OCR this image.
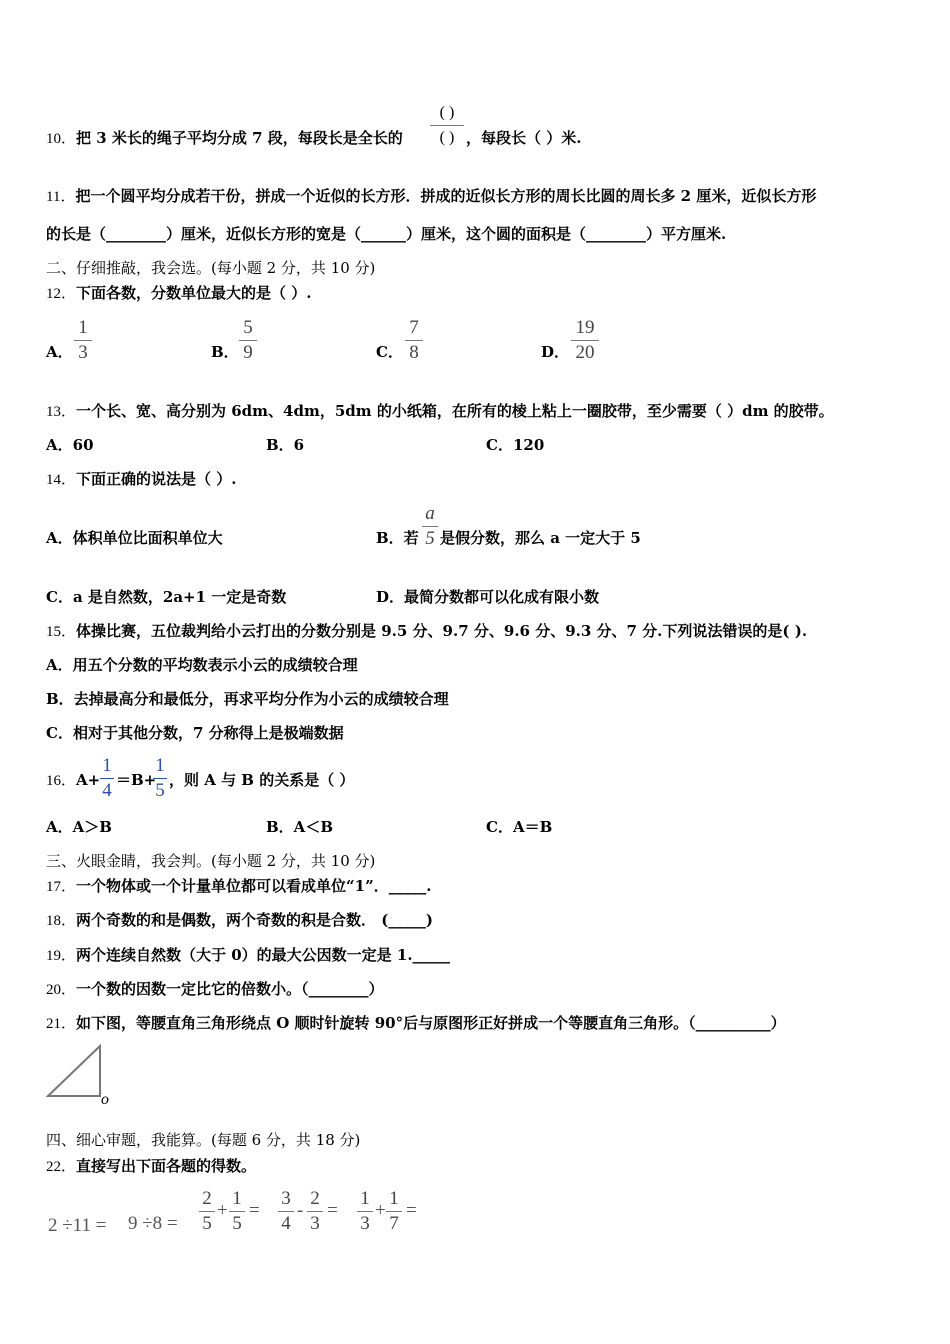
10．把 3 米长的绳子平均分成 7 段，每段长是全长的
( )
( ) ，每段长（ ）米.
11．把一个圆平均分成若干份，拼成一个近似的长方形．拼成的近似长方形的周长比圆的周长多 2 厘米，近似长方形
的长是（________）厘米，近似长方形的宽是（______）厘米，这个圆的面积是（________）平方厘米.
二、仔细推敲，我会选。(每小题 2 分，共 10 分)
12．下面各数，分数单位最大的是（ ）.
A．
1
3	B．
5
9	C．
7
8	D．
19
20
13．一个长、宽、高分别为 6dm、4dm，5dm 的小纸箱，在所有的棱上粘上一圈胶带，至少需要（ ）dm 的胶带。
A．60	B．6	C．120
14．下面正确的说法是（ ）.
A．体积单位比面积单位大	B．若
a
5 是假分数，那么 a 一定大于 5
C．a 是自然数，2a+1 一定是奇数	D．最简分数都可以化成有限小数
15．体操比赛，五位裁判给小云打出的分数分别是 9.5 分、9.7 分、9.6 分、9.3 分、7 分.下列说法错误的是( ).
A．用五个分数的平均数表示小云的成绩较合理
B．去掉最高分和最低分，再求平均分作为小云的成绩较合理
C．相对于其他分数，7 分称得上是极端数据
16．A+
1
4 ＝B+
1
5 ，则 A 与 B 的关系是（ ）
A．A＞B	B．A＜B	C．A＝B
三、火眼金睛，我会判。(每小题 2 分，共 10 分)
17．一个物体或一个计量单位都可以看成单位“1”．_____.
18．两个奇数的和是偶数，两个奇数的积是合数． (_____)
19．两个连续自然数（大于 0）的最大公因数一定是 1._____
20．一个数的因数一定比它的倍数小。（________）
21．如下图，等腰直角三角形绕点 O 顺时针旋转 90°后与原图形正好拼成一个等腰直角三角形。（__________）
o
四、细心审题，我能算。(每题 6 分，共 18 分)
22．直接写出下面各题的得数。
2 ÷11 = 9 ÷8 =
2
5
+
1
5
=
3
4
-
2
3
=
1
3
+
1
7
=
